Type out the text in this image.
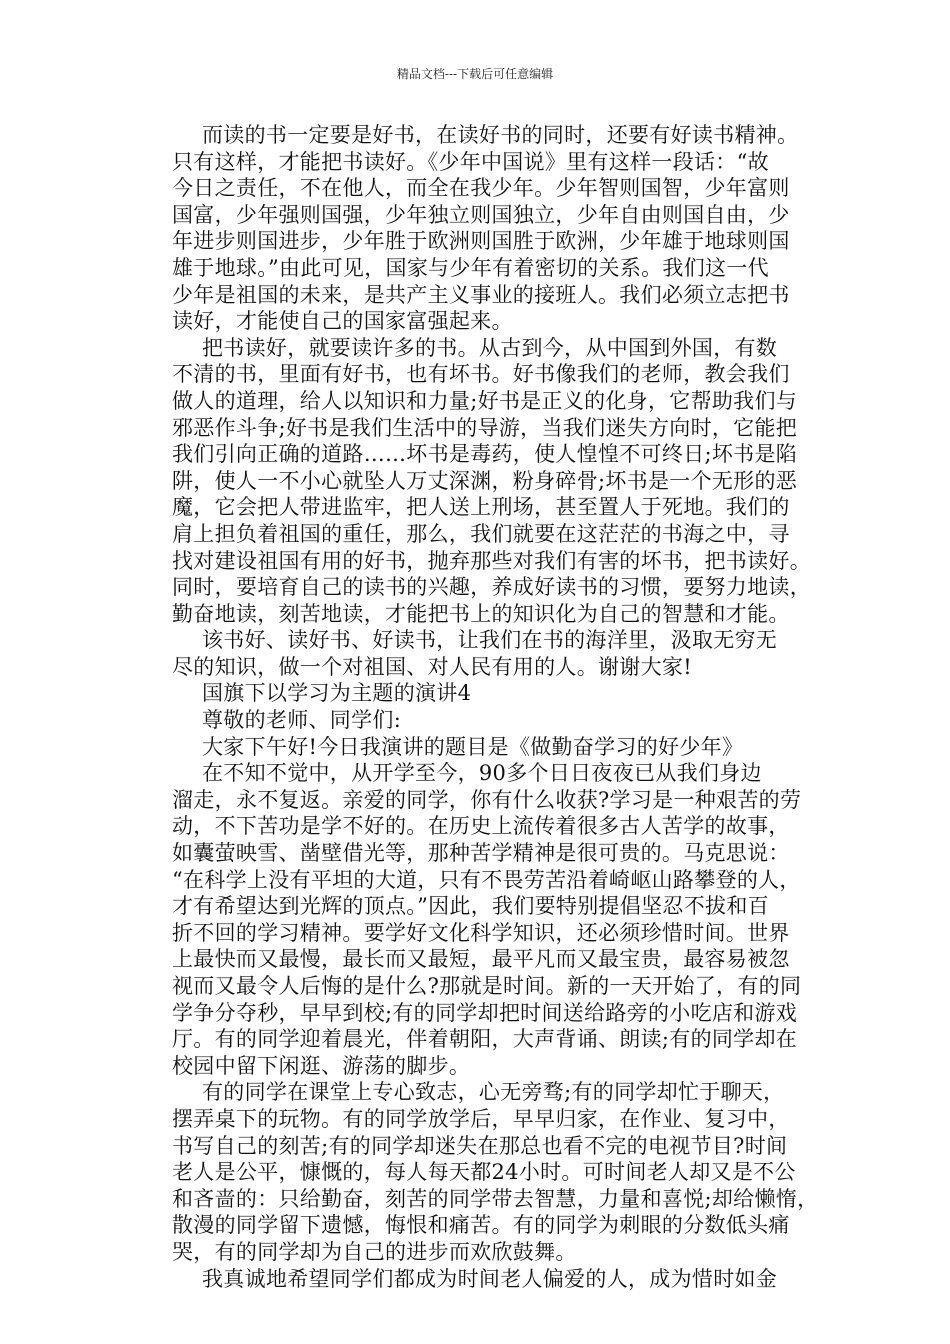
精品文档---下载后可任意编辑
而读的书一定要是好书，在读好书的同时，还要有好读书精神。
只有这样，才能把书读好。《少年中国说》里有这样一段话：“故
今日之责任，不在他人，而全在我少年。少年智则国智，少年富则
国富，少年强则国强，少年独立则国独立，少年自由则国自由，少
年进步则国进步，少年胜于欧洲则国胜于欧洲，少年雄于地球则国
雄于地球。”由此可见，国家与少年有着密切的关系。我们这一代
少年是祖国的未来，是共产主义事业的接班人。我们必须立志把书
读好，才能使自己的国家富强起来。
把书读好，就要读许多的书。从古到今，从中国到外国，有数
不清的书，里面有好书，也有坏书。好书像我们的老师，教会我们
做人的道理，给人以知识和力量;好书是正义的化身，它帮助我们与
邪恶作斗争;好书是我们生活中的导游，当我们迷失方向时，它能把
我们引向正确的道路……坏书是毒药，使人惶惶不可终日;坏书是陷
阱，使人一不小心就坠人万丈深渊，粉身碎骨;坏书是一个无形的恶
魔，它会把人带进监牢，把人送上刑场，甚至置人于死地。我们的
肩上担负着祖国的重任，那么，我们就要在这茫茫的书海之中，寻
找对建设祖国有用的好书，抛弃那些对我们有害的坏书，把书读好。
同时，要培育自己的读书的兴趣，养成好读书的习惯，要努力地读，
勤奋地读，刻苦地读，才能把书上的知识化为自己的智慧和才能。
该书好、读好书、好读书，让我们在书的海洋里，汲取无穷无
尽的知识，做一个对祖国、对人民有用的人。谢谢大家!
国旗下以学习为主题的演讲4
尊敬的老师、同学们:
大家下午好!今日我演讲的题目是《做勤奋学习的好少年》
在不知不觉中，从开学至今，90多个日日夜夜已从我们身边
溜走，永不复返。亲爱的同学，你有什么收获?学习是一种艰苦的劳
动，不下苦功是学不好的。在历史上流传着很多古人苦学的故事，
如囊萤映雪、凿壁借光等，那种苦学精神是很可贵的。马克思说：
“在科学上没有平坦的大道，只有不畏劳苦沿着崎岖山路攀登的人，
才有希望达到光辉的顶点。”因此，我们要特别提倡坚忍不拔和百
折不回的学习精神。要学好文化科学知识，还必须珍惜时间。世界
上最快而又最慢，最长而又最短，最平凡而又最宝贵，最容易被忽
视而又最令人后悔的是什么?那就是时间。新的一天开始了，有的同
学争分夺秒，早早到校;有的同学却把时间送给路旁的小吃店和游戏
厅。有的同学迎着晨光，伴着朝阳，大声背诵、朗读;有的同学却在
校园中留下闲逛、游荡的脚步。
有的同学在课堂上专心致志，心无旁骛;有的同学却忙于聊天，
摆弄桌下的玩物。有的同学放学后，早早归家，在作业、复习中，
书写自己的刻苦;有的同学却迷失在那总也看不完的电视节目?时间
老人是公平，慷慨的，每人每天都24小时。可时间老人却又是不公
和吝啬的：只给勤奋，刻苦的同学带去智慧，力量和喜悦;却给懒惰，
散漫的同学留下遗憾，悔恨和痛苦。有的同学为刺眼的分数低头痛
哭，有的同学却为自己的进步而欢欣鼓舞。
我真诚地希望同学们都成为时间老人偏爱的人，成为惜时如金
